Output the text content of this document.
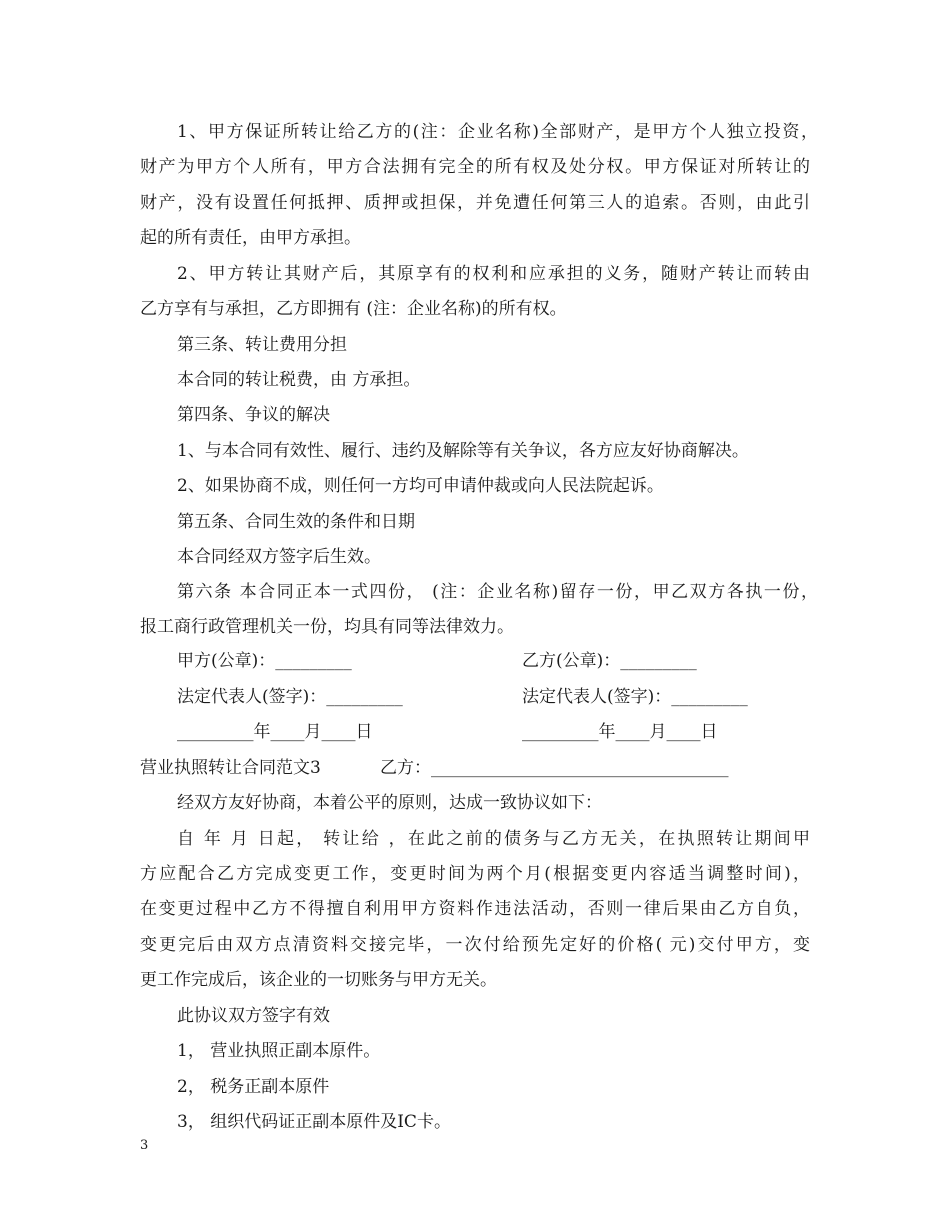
1、甲方保证所转让给乙方的(注：企业名称)全部财产，是甲方个人独立投资，
财产为甲方个人所有，甲方合法拥有完全的所有权及处分权。甲方保证对所转让的
财产，没有设置任何抵押、质押或担保，并免遭任何第三人的追索。否则，由此引
起的所有责任，由甲方承担。
2、甲方转让其财产后，其原享有的权利和应承担的义务，随财产转让而转由
乙方享有与承担，乙方即拥有 (注：企业名称)的所有权。
第三条、转让费用分担
本合同的转让税费，由 方承担。
第四条、争议的解决
1、与本合同有效性、履行、违约及解除等有关争议，各方应友好协商解决。
2、如果协商不成，则任何一方均可申请仲裁或向人民法院起诉。
第五条、合同生效的条件和日期
本合同经双方签字后生效。
第六条 本合同正本一式四份， (注：企业名称)留存一份，甲乙双方各执一份，
报工商行政管理机关一份，均具有同等法律效力。
甲方(公章)：_________	乙方(公章)：_________
法定代表人(签字)：_________	法定代表人(签字)：_________
_________年____月____日	_________年____月____日
营业执照转让合同范文3	乙方：___________________________________
经双方友好协商，本着公平的原则，达成一致协议如下：
自 年 月 日起， 转让给 ，在此之前的债务与乙方无关，在执照转让期间甲
方应配合乙方完成变更工作，变更时间为两个月(根据变更内容适当调整时间)，
在变更过程中乙方不得擅自利用甲方资料作违法活动，否则一律后果由乙方自负，
变更完后由双方点清资料交接完毕，一次付给预先定好的价格( 元)交付甲方，变
更工作完成后，该企业的一切账务与甲方无关。
此协议双方签字有效
1， 营业执照正副本原件。
2， 税务正副本原件
3， 组织代码证正副本原件及IC卡。
3
